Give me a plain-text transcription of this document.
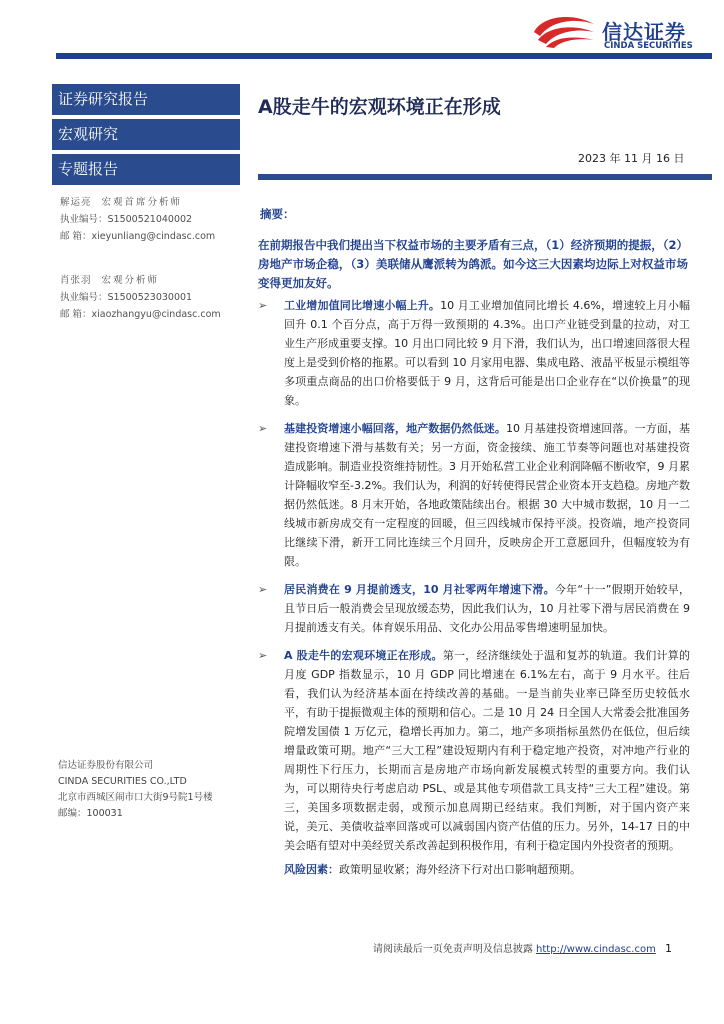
信达证券
CINDA SECURITIES
证券研究报告
宏观研究
专题报告
解运亮 宏观首席分析师
执业编号：S1500521040002
邮 箱：xieyunliang@cindasc.com
肖张羽 宏观分析师
执业编号：S1500523030001
邮 箱：xiaozhangyu@cindasc.com
信达证券股份有限公司
CINDA SECURITIES CO.,LTD
北京市西城区闹市口大街9号院1号楼
邮编：100031
A股走牛的宏观环境正在形成
2023 年 11 月 16 日
摘要：
在前期报告中我们提出当下权益市场的主要矛盾有三点，（1）经济预期的提振，（2）房地产市场企稳，（3）美联储从鹰派转为鸽派。如今这三大因素均边际上对权益市场变得更加友好。
➢ 工业增加值同比增速小幅上升。10 月工业增加值同比增长 4.6%，增速较上月小幅回升 0.1 个百分点，高于万得一致预期的 4.3%。出口产业链受到量的拉动，对工业生产形成重要支撑。10 月出口同比较 9 月下滑，我们认为，出口增速回落很大程度上是受到价格的拖累。可以看到 10 月家用电器、集成电路、液晶平板显示模组等多项重点商品的出口价格要低于 9 月，这背后可能是出口企业存在“以价换量”的现象。
➢ 基建投资增速小幅回落，地产数据仍然低迷。10 月基建投资增速回落。一方面，基建投资增速下滑与基数有关；另一方面，资金接续、施工节奏等问题也对基建投资造成影响。制造业投资维持韧性。3 月开始私营工业企业利润降幅不断收窄，9 月累计降幅收窄至-3.2%。我们认为，利润的好转使得民营企业资本开支趋稳。房地产数据仍然低迷。8 月末开始，各地政策陆续出台。根据 30 大中城市数据，10 月一二线城市新房成交有一定程度的回暖，但三四线城市保持平淡。投资端，地产投资同比继续下滑，新开工同比连续三个月回升，反映房企开工意愿回升，但幅度较为有限。
➢ 居民消费在 9 月提前透支，10 月社零两年增速下滑。今年“十一”假期开始较早，且节日后一般消费会呈现放缓态势，因此我们认为，10 月社零下滑与居民消费在 9 月提前透支有关。体育娱乐用品、文化办公用品零售增速明显加快。
➢ A 股走牛的宏观环境正在形成。第一，经济继续处于温和复苏的轨道。我们计算的月度 GDP 指数显示，10 月 GDP 同比增速在 6.1%左右，高于 9 月水平。往后看，我们认为经济基本面在持续改善的基础。一是当前失业率已降至历史较低水平，有助于提振微观主体的预期和信心。二是 10 月 24 日全国人大常委会批准国务院增发国债 1 万亿元，稳增长再加力。第二，地产多项指标虽然仍在低位，但后续增量政策可期。地产“三大工程”建设短期内有利于稳定地产投资，对冲地产行业的周期性下行压力，长期而言是房地产市场向新发展模式转型的重要方向。我们认为，可以期待央行考虑启动 PSL、或是其他专项借款工具支持“三大工程”建设。第三，美国多项数据走弱，或预示加息周期已经结束。我们判断，对于国内资产来说，美元、美债收益率回落或可以减弱国内资产估值的压力。另外，14-17 日的中美会晤有望对中美经贸关系改善起到积极作用，有利于稳定国内外投资者的预期。
风险因素：政策明显收紧；海外经济下行对出口影响超预期。
请阅读最后一页免责声明及信息披露 http://www.cindasc.com 1
